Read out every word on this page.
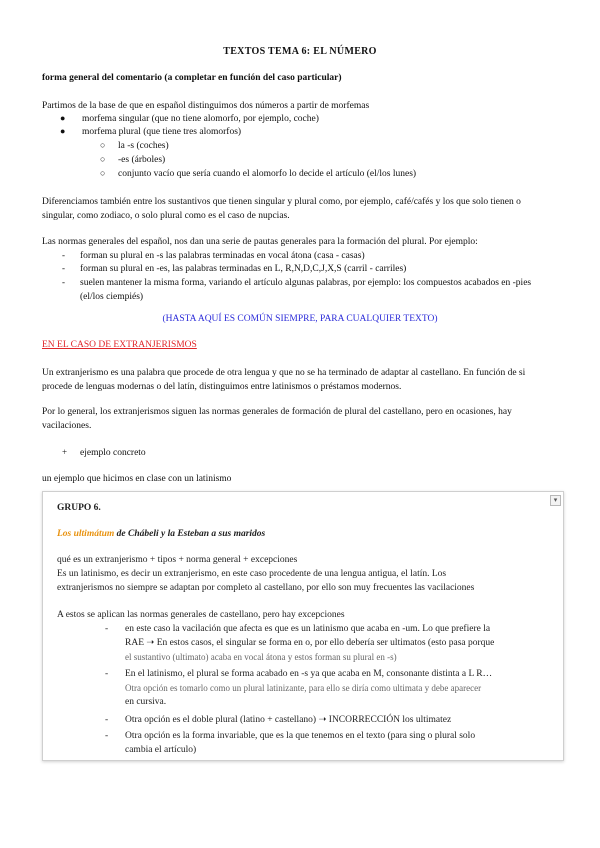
TEXTOS TEMA 6: EL NÚMERO
forma general del comentario (a completar en función del caso particular)
Partimos de la base de que en español distinguimos dos números a partir de morfemas
● morfema singular (que no tiene alomorfo, por ejemplo, coche)
● morfema plural (que tiene tres alomorfos)
○ la -s (coches)
○ -es (árboles)
○ conjunto vacío que sería cuando el alomorfo lo decide el artículo (el/los lunes)
Diferenciamos también entre los sustantivos que tienen singular y plural como, por ejemplo, café/cafés y los que solo tienen o
singular, como zodiaco, o solo plural como es el caso de nupcias.
Las normas generales del español, nos dan una serie de pautas generales para la formación del plural. Por ejemplo:
- forman su plural en -s las palabras terminadas en vocal átona (casa - casas)
- forman su plural en -es, las palabras terminadas en L, R,N,D,C,J,X,S (carril - carriles)
- suelen mantener la misma forma, variando el artículo algunas palabras, por ejemplo: los compuestos acabados en -pies
(el/los ciempiés)
(HASTA AQUÍ ES COMÚN SIEMPRE, PARA CUALQUIER TEXTO)
EN EL CASO DE EXTRANJERISMOS
Un extranjerismo es una palabra que procede de otra lengua y que no se ha terminado de adaptar al castellano. En función de si
procede de lenguas modernas o del latín, distinguimos entre latinismos o préstamos modernos.
Por lo general, los extranjerismos siguen las normas generales de formación de plural del castellano, pero en ocasiones, hay
vacilaciones.
+ ejemplo concreto
un ejemplo que hicimos en clase con un latinismo
▾
GRUPO 6.
Los ultimátum de Chábeli y la Esteban a sus maridos
qué es un extranjerismo + tipos + norma general + excepciones
Es un latinismo, es decir un extranjerismo, en este caso procedente de una lengua antigua, el latín. Los
extranjerismos no siempre se adaptan por completo al castellano, por ello son muy frecuentes las vacilaciones
A estos se aplican las normas generales de castellano, pero hay excepciones
- en este caso la vacilación que afecta es que es un latinismo que acaba en -um. Lo que prefiere la
RAE ➝ En estos casos, el singular se forma en o, por ello debería ser ultimatos (esto pasa porque
el sustantivo (ultimato) acaba en vocal átona y estos forman su plural en -s)
- En el latinismo, el plural se forma acabado en -s ya que acaba en M, consonante distinta a L R…
Otra opción es tomarlo como un plural latinizante, para ello se diría como ultimata y debe aparecer
en cursiva.
- Otra opción es el doble plural (latino + castellano) ➝ INCORRECCIÓN los ultimatez
- Otra opción es la forma invariable, que es la que tenemos en el texto (para sing o plural solo
cambia el artículo)
